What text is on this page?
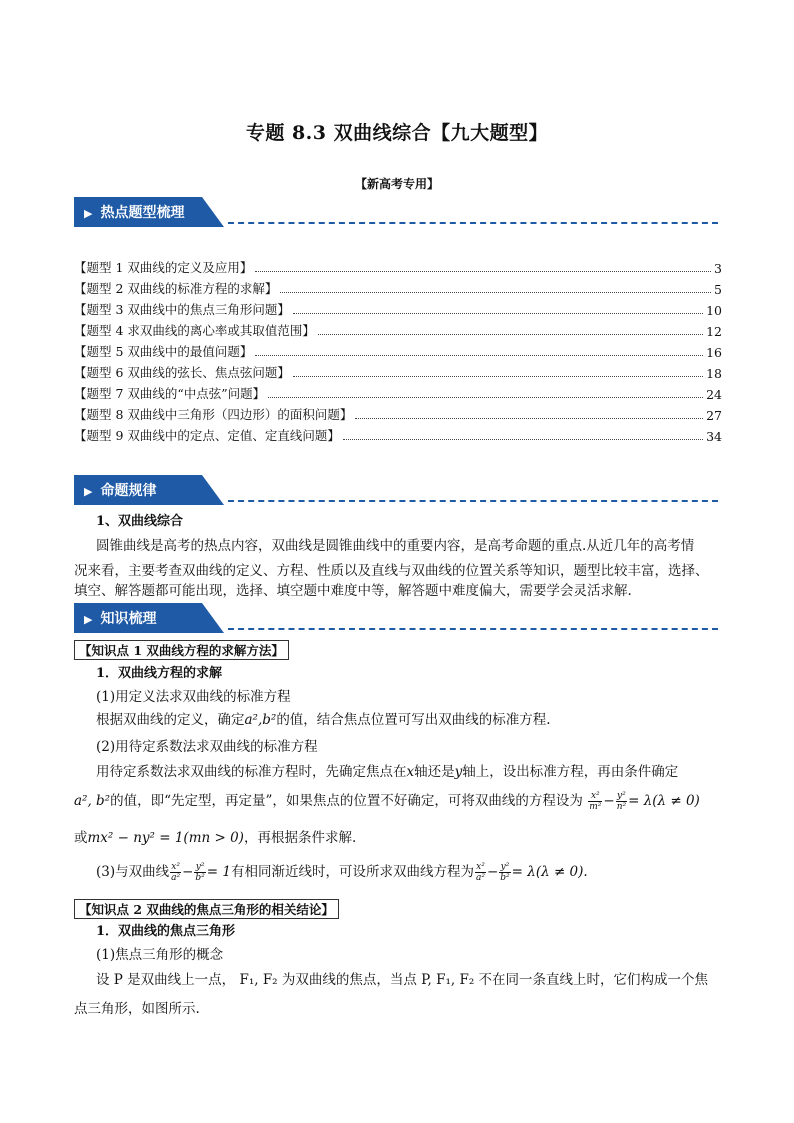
专题 8.3 双曲线综合【九大题型】
【新高考专用】
▶ 热点题型梳理
【题型 1 双曲线的定义及应用】	3
【题型 2 双曲线的标准方程的求解】	5
【题型 3 双曲线中的焦点三角形问题】	10
【题型 4 求双曲线的离心率或其取值范围】	12
【题型 5 双曲线中的最值问题】	16
【题型 6 双曲线的弦长、焦点弦问题】	18
【题型 7 双曲线的“中点弦”问题】	24
【题型 8 双曲线中三角形（四边形）的面积问题】	27
【题型 9 双曲线中的定点、定值、定直线问题】	34
▶ 命题规律
1、双曲线综合
圆锥曲线是高考的热点内容，双曲线是圆锥曲线中的重要内容，是高考命题的重点.从近几年的高考情
况来看，主要考查双曲线的定义、方程、性质以及直线与双曲线的位置关系等知识，题型比较丰富，选择、
填空、解答题都可能出现，选择、填空题中难度中等，解答题中难度偏大，需要学会灵活求解.
▶ 知识梳理
【知识点 1 双曲线方程的求解方法】
1．双曲线方程的求解
(1)用定义法求双曲线的标准方程
根据双曲线的定义，确定a²,b²的值，结合焦点位置可写出双曲线的标准方程.
(2)用待定系数法求双曲线的标准方程
用待定系数法求双曲线的标准方程时，先确定焦点在x轴还是y轴上，设出标准方程，再由条件确定
a², b²的值，即“先定型，再定量”，如果焦点的位置不好确定，可将双曲线的方程设为 $\frac{\text{x²}}{\text{m²}} - \frac{\text{y²}}{\text{n²}} = \lambda(\lambda \ne 0)$
或mx² − ny² = 1(mn > 0)，再根据条件求解.
(3)与双曲线 $\frac{\text{x²}}{\text{a²}} - \frac{\text{y²}}{\text{b²}} = 1$有相同渐近线时，可设所求双曲线方程为 $\frac{\text{x²}}{\text{a²}} - \frac{\text{y²}}{\text{b²}} = \lambda(\lambda \ne 0)$.
【知识点 2 双曲线的焦点三角形的相关结论】
1．双曲线的焦点三角形
(1)焦点三角形的概念
设 P 是双曲线上一点， F₁, F₂ 为双曲线的焦点，当点 P, F₁, F₂ 不在同一条直线上时，它们构成一个焦
点三角形，如图所示.
